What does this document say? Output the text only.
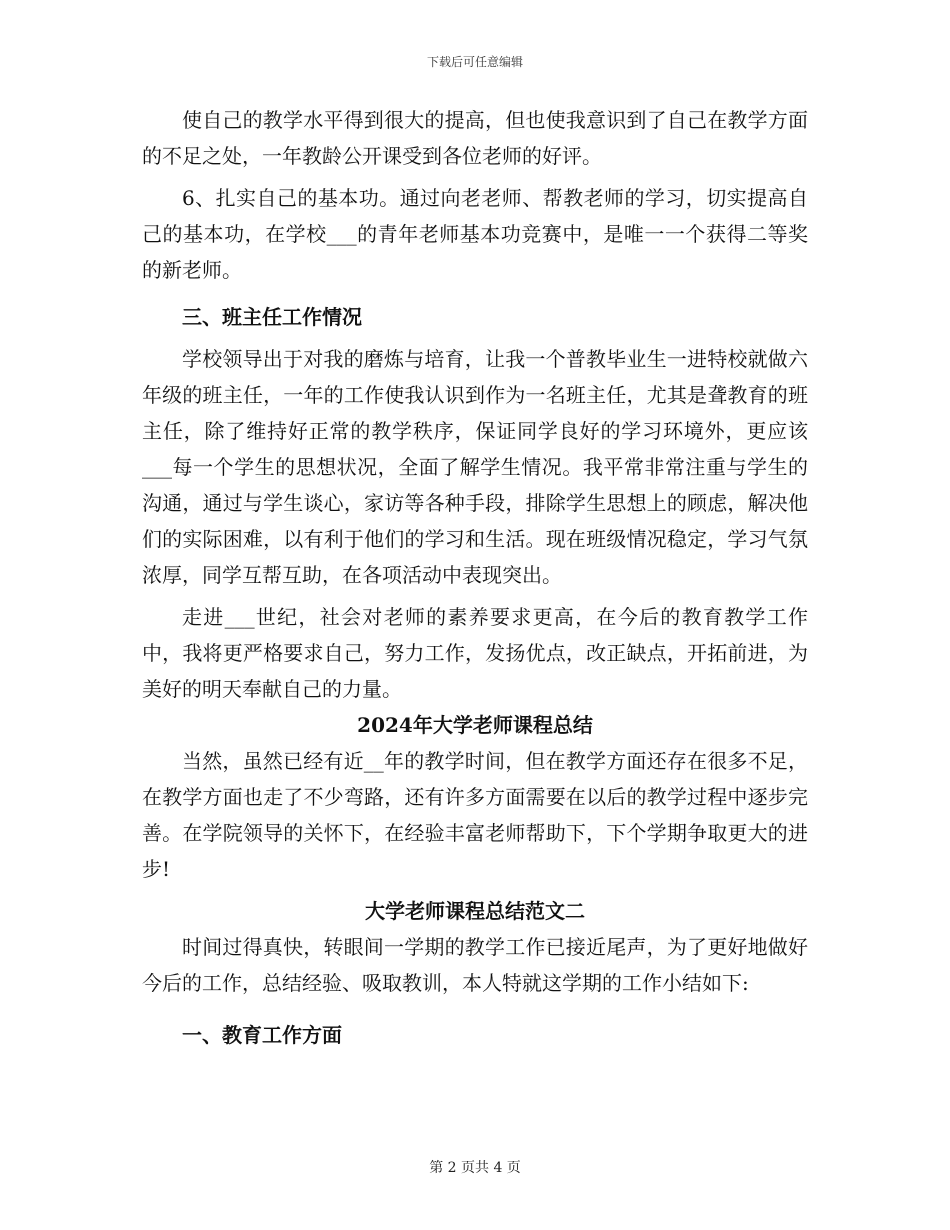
下载后可任意编辑

使自己的教学水平得到很大的提高，但也使我意识到了自己在教学方面的不足之处，一年教龄公开课受到各位老师的好评。

6、扎实自己的基本功。通过向老老师、帮教老师的学习，切实提高自己的基本功，在学校___的青年老师基本功竞赛中，是唯一一个获得二等奖的新老师。

三、班主任工作情况

学校领导出于对我的磨炼与培育，让我一个普教毕业生一进特校就做六年级的班主任，一年的工作使我认识到作为一名班主任，尤其是聋教育的班主任，除了维持好正常的教学秩序，保证同学良好的学习环境外，更应该___每一个学生的思想状况，全面了解学生情况。我平常非常注重与学生的沟通，通过与学生谈心，家访等各种手段，排除学生思想上的顾虑，解决他们的实际困难，以有利于他们的学习和生活。现在班级情况稳定，学习气氛浓厚，同学互帮互助，在各项活动中表现突出。

走进___世纪，社会对老师的素养要求更高，在今后的教育教学工作中，我将更严格要求自己，努力工作，发扬优点，改正缺点，开拓前进，为美好的明天奉献自己的力量。

2024年大学老师课程总结

当然，虽然已经有近__年的教学时间，但在教学方面还存在很多不足，在教学方面也走了不少弯路，还有许多方面需要在以后的教学过程中逐步完善。在学院领导的关怀下，在经验丰富老师帮助下，下个学期争取更大的进步!

大学老师课程总结范文二

时间过得真快，转眼间一学期的教学工作已接近尾声，为了更好地做好今后的工作，总结经验、吸取教训，本人特就这学期的工作小结如下:

一、教育工作方面

第 2 页共 4 页
